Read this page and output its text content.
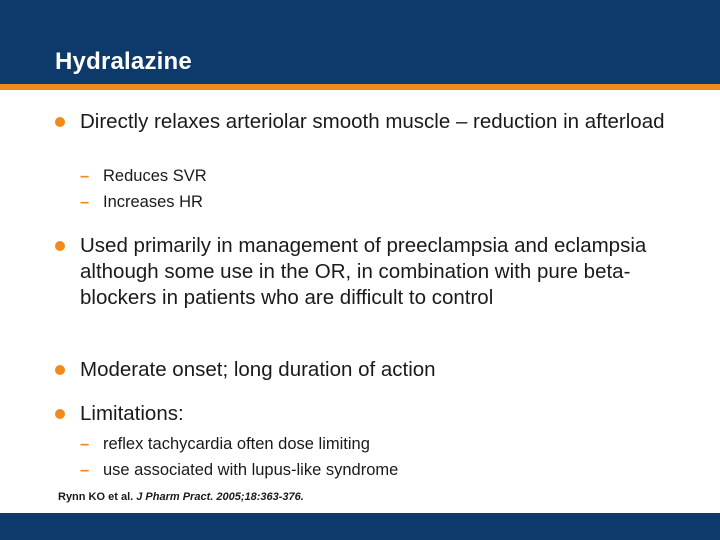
Hydralazine
Directly relaxes arteriolar smooth muscle – reduction in afterload
– Reduces SVR
– Increases HR
Used primarily in management of preeclampsia and eclampsia although some use in the OR, in combination with pure beta-blockers in patients who are difficult to control
Moderate onset; long duration of action
Limitations:
– reflex tachycardia often dose limiting
– use associated with lupus-like syndrome
Rynn KO et al. J Pharm Pract. 2005;18:363-376.
